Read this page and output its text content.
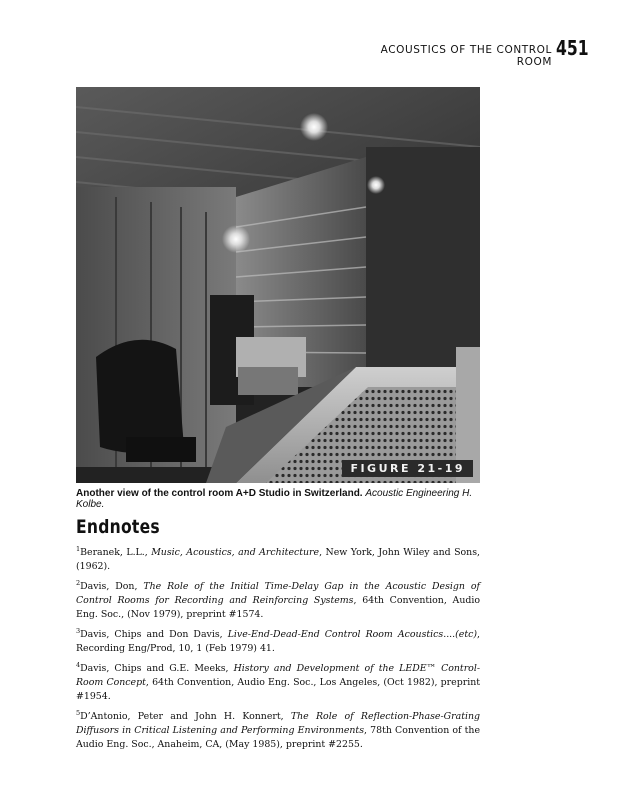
ACOUSTICS OF THE CONTROL ROOM
451
FIGURE 21-19
Another view of the control room A+D Studio in Switzerland. Acoustic Engineering H. Kolbe.
Endnotes

$^1$Beranek, L.L., Music, Acoustics, and Architecture, New York, John Wiley and Sons, (1962).

$^2$Davis, Don, The Role of the Initial Time-Delay Gap in the Acoustic Design of Control Rooms for Recording and Reinforcing Systems, 64th Convention, Audio Eng. Soc., (Nov 1979), preprint #1574.

$^3$Davis, Chips and Don Davis, Live-End-Dead-End Control Room Acoustics....(etc), Recording Eng/Prod, 10, 1 (Feb 1979) 41.

$^4$Davis, Chips and G.E. Meeks, History and Development of the LEDE™ Control-Room Concept, 64th Convention, Audio Eng. Soc., Los Angeles, (Oct 1982), preprint #1954.

$^5$D’Antonio, Peter and John H. Konnert, The Role of Reflection-Phase-Grating Diffusors in Critical Listening and Performing Environments, 78th Convention of the Audio Eng. Soc., Anaheim, CA, (May 1985), preprint #2255.
